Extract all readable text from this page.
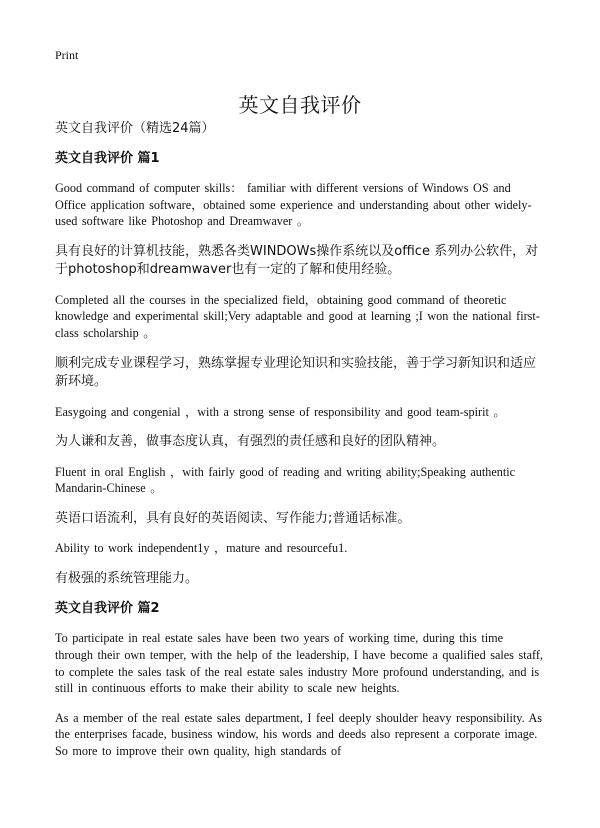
Print
英文自我评价
英文自我评价（精选24篇）
英文自我评价 篇1

Good command of computer skills： familiar with different versions of Windows OS and Office application software，obtained some experience and understanding about other widely-used software like Photoshop and Dreamwaver 。

具有良好的计算机技能，熟悉各类WINDOWs操作系统以及office 系列办公软件，对于photoshop和dreamwaver也有一定的了解和使用经验。

Completed all the courses in the specialized field，obtaining good command of theoretic knowledge and experimental skill;Very adaptable and good at learning ;I won the national first-class scholarship 。

顺利完成专业课程学习，熟练掌握专业理论知识和实验技能，善于学习新知识和适应新环境。

Easygoing and congenial ，with a strong sense of responsibility and good team-spirit 。

为人谦和友善，做事态度认真，有强烈的责任感和良好的团队精神。

Fluent in oral English ，with fairly good of reading and writing ability;Speaking authentic Mandarin-Chinese 。

英语口语流利，具有良好的英语阅读、写作能力;普通话标准。

Ability to work independent1y ，mature and resourcefu1.

有极强的系统管理能力。

英文自我评价 篇2

To participate in real estate sales have been two years of working time, during this time through their own temper, with the help of the leadership, I have become a qualified sales staff, to complete the sales task of the real estate sales industry More profound understanding, and is still in continuous efforts to make their ability to scale new heights.

As a member of the real estate sales department, I feel deeply shoulder heavy responsibility. As the enterprises facade, business window, his words and deeds also represent a corporate image. So more to improve their own quality, high standards of
